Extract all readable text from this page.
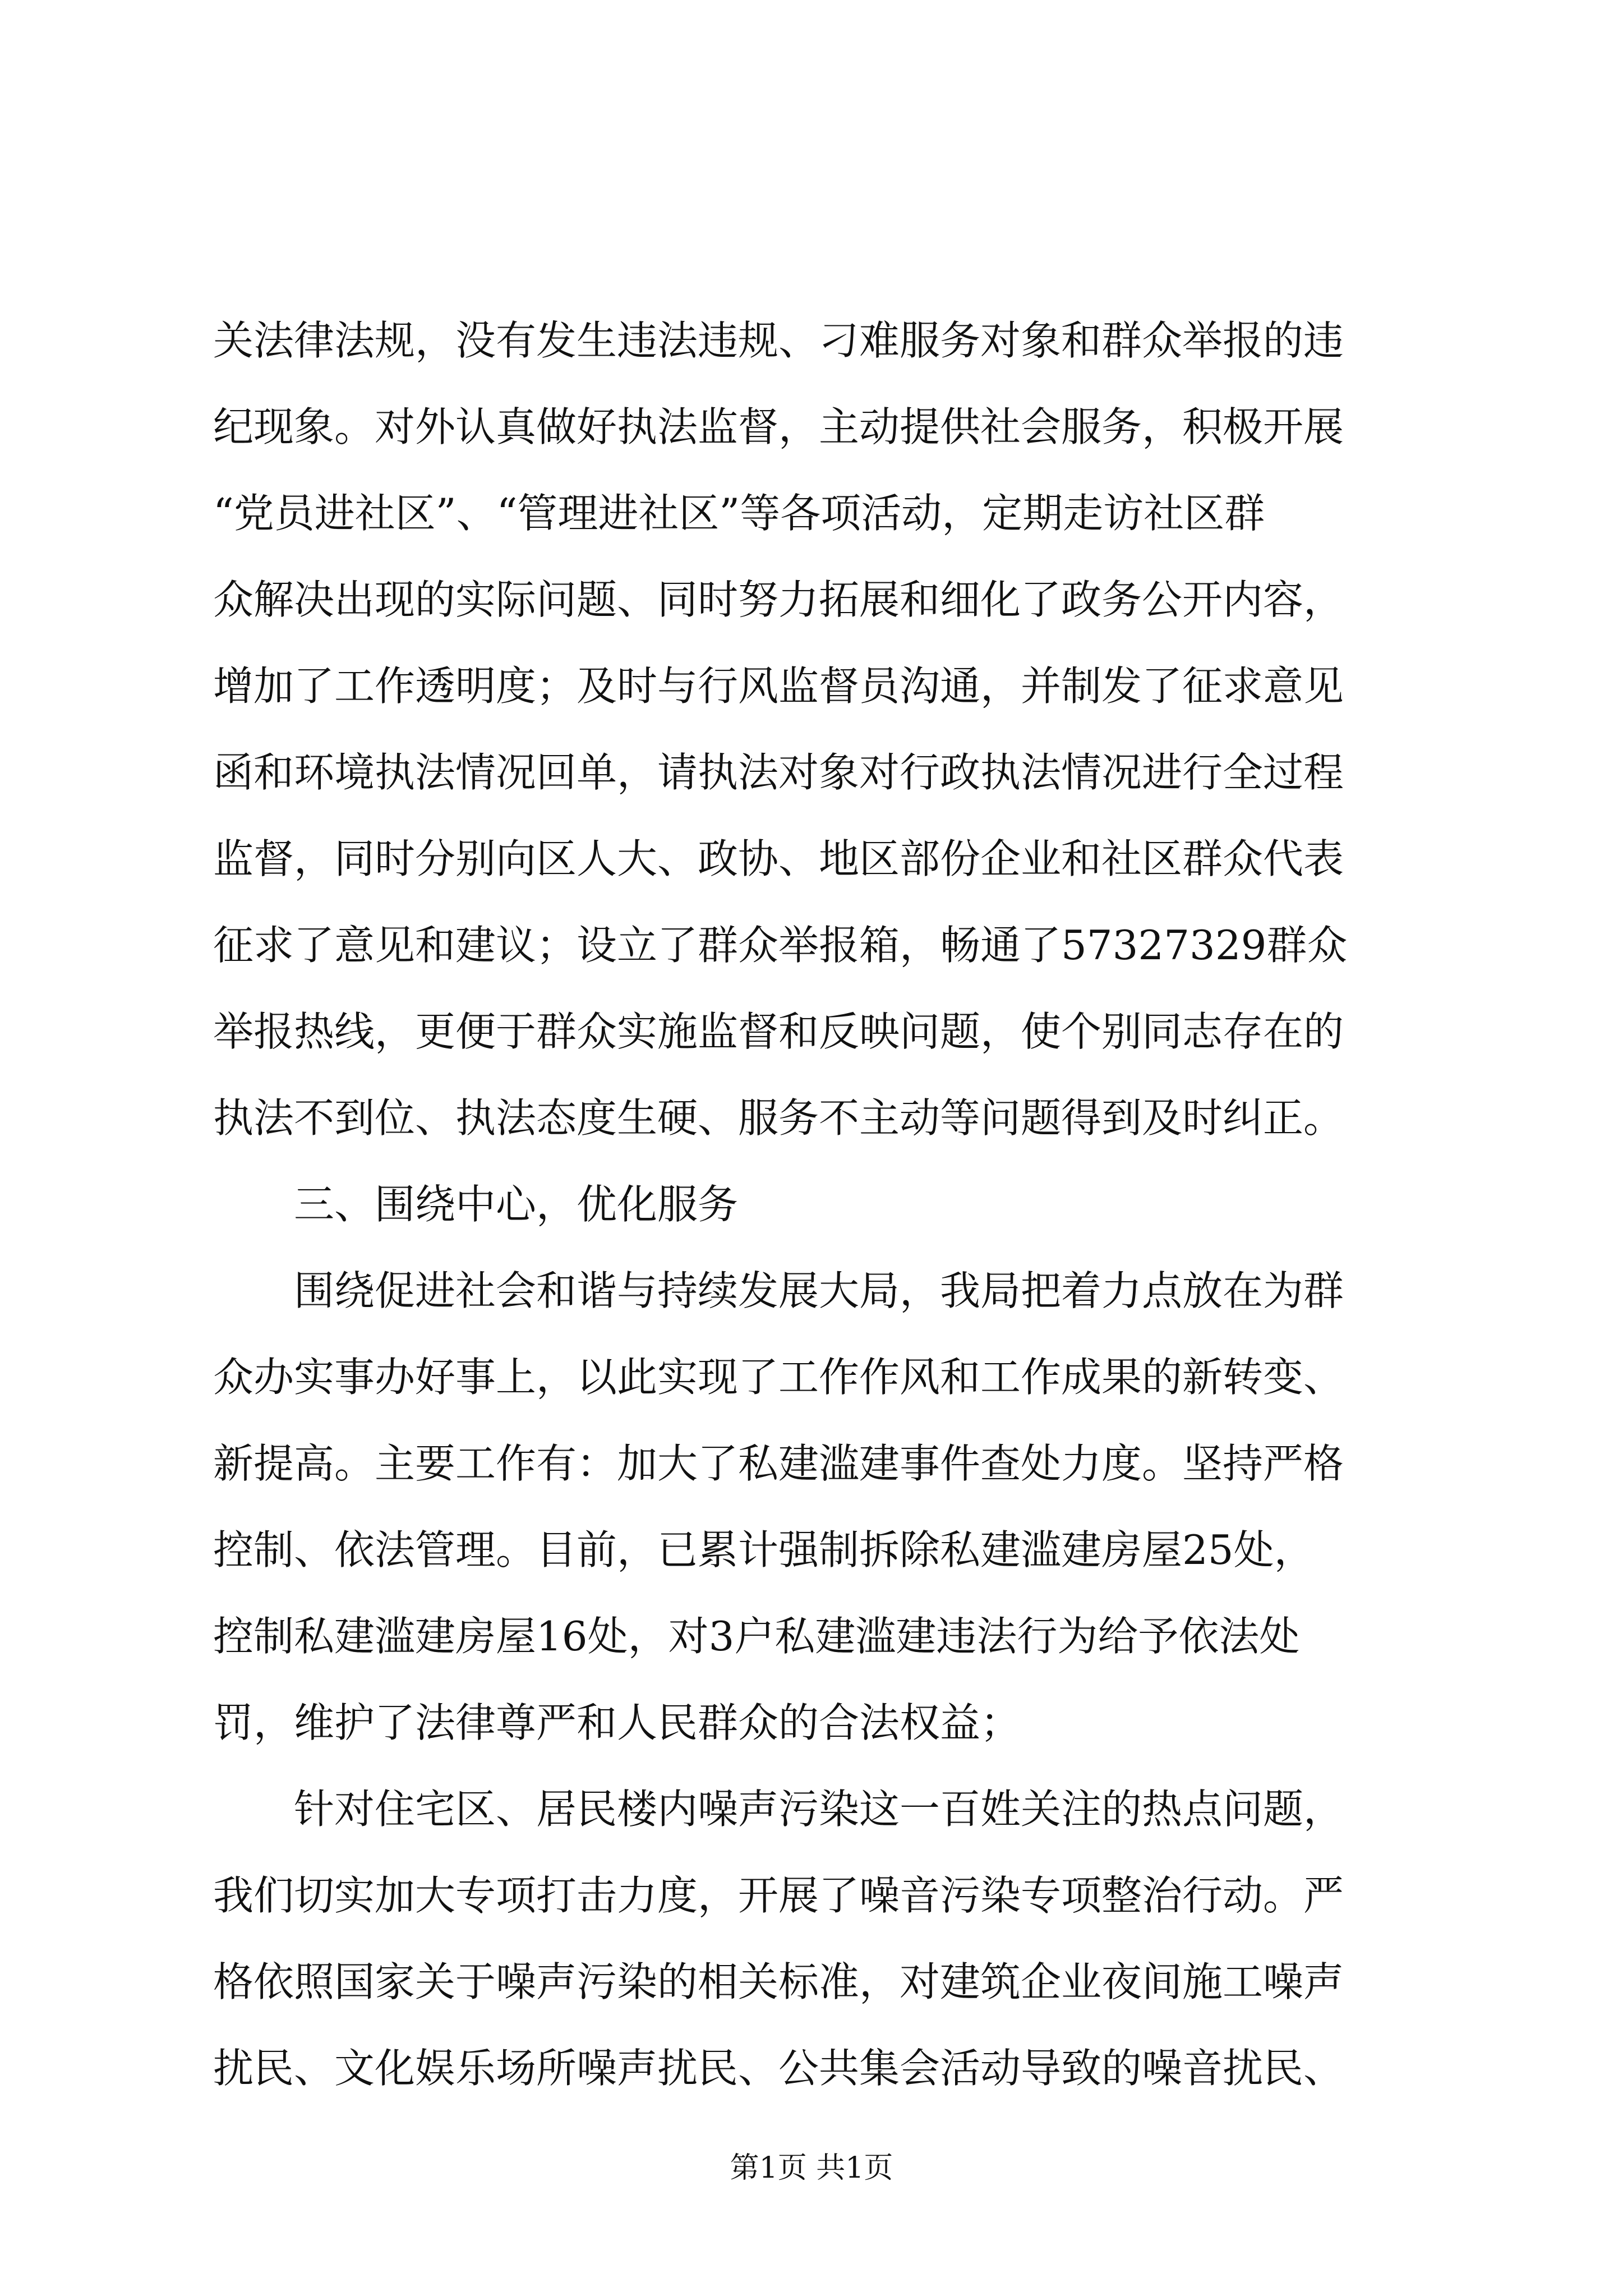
关法律法规，没有发生违法违规、刁难服务对象和群众举报的违
纪现象。对外认真做好执法监督，主动提供社会服务，积极开展
“党员进社区”、“管理进社区”等各项活动，定期走访社区群
众解决出现的实际问题、同时努力拓展和细化了政务公开内容，
增加了工作透明度；及时与行风监督员沟通，并制发了征求意见
函和环境执法情况回单，请执法对象对行政执法情况进行全过程
监督，同时分别向区人大、政协、地区部份企业和社区群众代表
征求了意见和建议；设立了群众举报箱，畅通了57327329群众
举报热线，更便于群众实施监督和反映问题，使个别同志存在的
执法不到位、执法态度生硬、服务不主动等问题得到及时纠正。
　　三、围绕中心，优化服务
　　围绕促进社会和谐与持续发展大局，我局把着力点放在为群
众办实事办好事上，以此实现了工作作风和工作成果的新转变、
新提高。主要工作有：加大了私建滥建事件查处力度。坚持严格
控制、依法管理。目前，已累计强制拆除私建滥建房屋25处，
控制私建滥建房屋16处，对3户私建滥建违法行为给予依法处
罚，维护了法律尊严和人民群众的合法权益；
　　针对住宅区、居民楼内噪声污染这一百姓关注的热点问题，
我们切实加大专项打击力度，开展了噪音污染专项整治行动。严
格依照国家关于噪声污染的相关标准，对建筑企业夜间施工噪声
扰民、文化娱乐场所噪声扰民、公共集会活动导致的噪音扰民、
第1页 共1页
